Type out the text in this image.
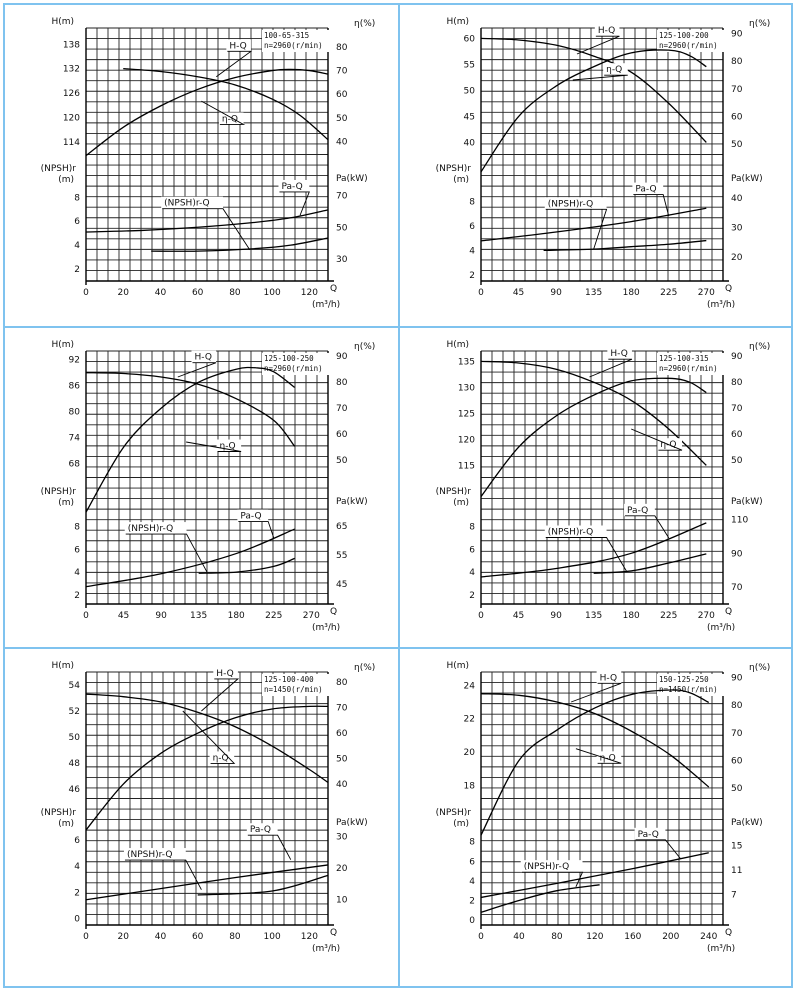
0	20	40	60	80	100 120 Q
(m³/h)
H(m)
114
120
126
132
138
η(%)
40
50
60
70
80
(NPSH)r
(m)
2
4
6
8
Pa(kW)
30
50
70
100-65-315
n=2960(r/min)
H-Q
η-Q
Pa-Q
(NPSH)r-Q
0	45	90	135 180 225 270 Q
(m³/h)
H(m)
40
45
50
55
60
η(%)
50
60
70
80
90
(NPSH)r
(m)
2
4
6
8
Pa(kW)
20
30
40
125-100-200
n=2960(r/min)
H-Q
η-Q
Pa-Q
(NPSH)r-Q
0	45	90	135 180 225 270 Q
(m³/h)
H(m)
68
74
80
86
92
η(%)
50
60
70
80
90
(NPSH)r
(m)
2
4
6
8
Pa(kW)
45
55
65
125-100-250
n=2960(r/min)
H-Q
η-Q
Pa-Q
(NPSH)r-Q
0	45	90	135 180 225 270 Q
(m³/h)
H(m)
115
120
125
130
135
η(%)
50
60
70
80
90
(NPSH)r
(m)
2
4
6
8
Pa(kW)
70
90
110
125-100-315
n=2960(r/min)
H-Q
η-Q
Pa-Q
(NPSH)r-Q
0	20	40	60	80	100 120 Q
(m³/h)
H(m)
46
48
50
52
54
η(%)
40
50
60
70
80
(NPSH)r
(m)
0
2
4
6
Pa(kW)
10
20
30
125-100-400
n=1450(r/min)
H-Q
η-Q
Pa-Q
(NPSH)r-Q
0	40	80	120 160 200 240 Q
(m³/h)
H(m)
18
20
22
24
η(%)
50
60
70
80
90
(NPSH)r
(m)
0
2
4
6
8
Pa(kW)
7
11
15
150-125-250
n=1450(r/min)
H-Q
η-Q
Pa-Q
(NPSH)r-Q
